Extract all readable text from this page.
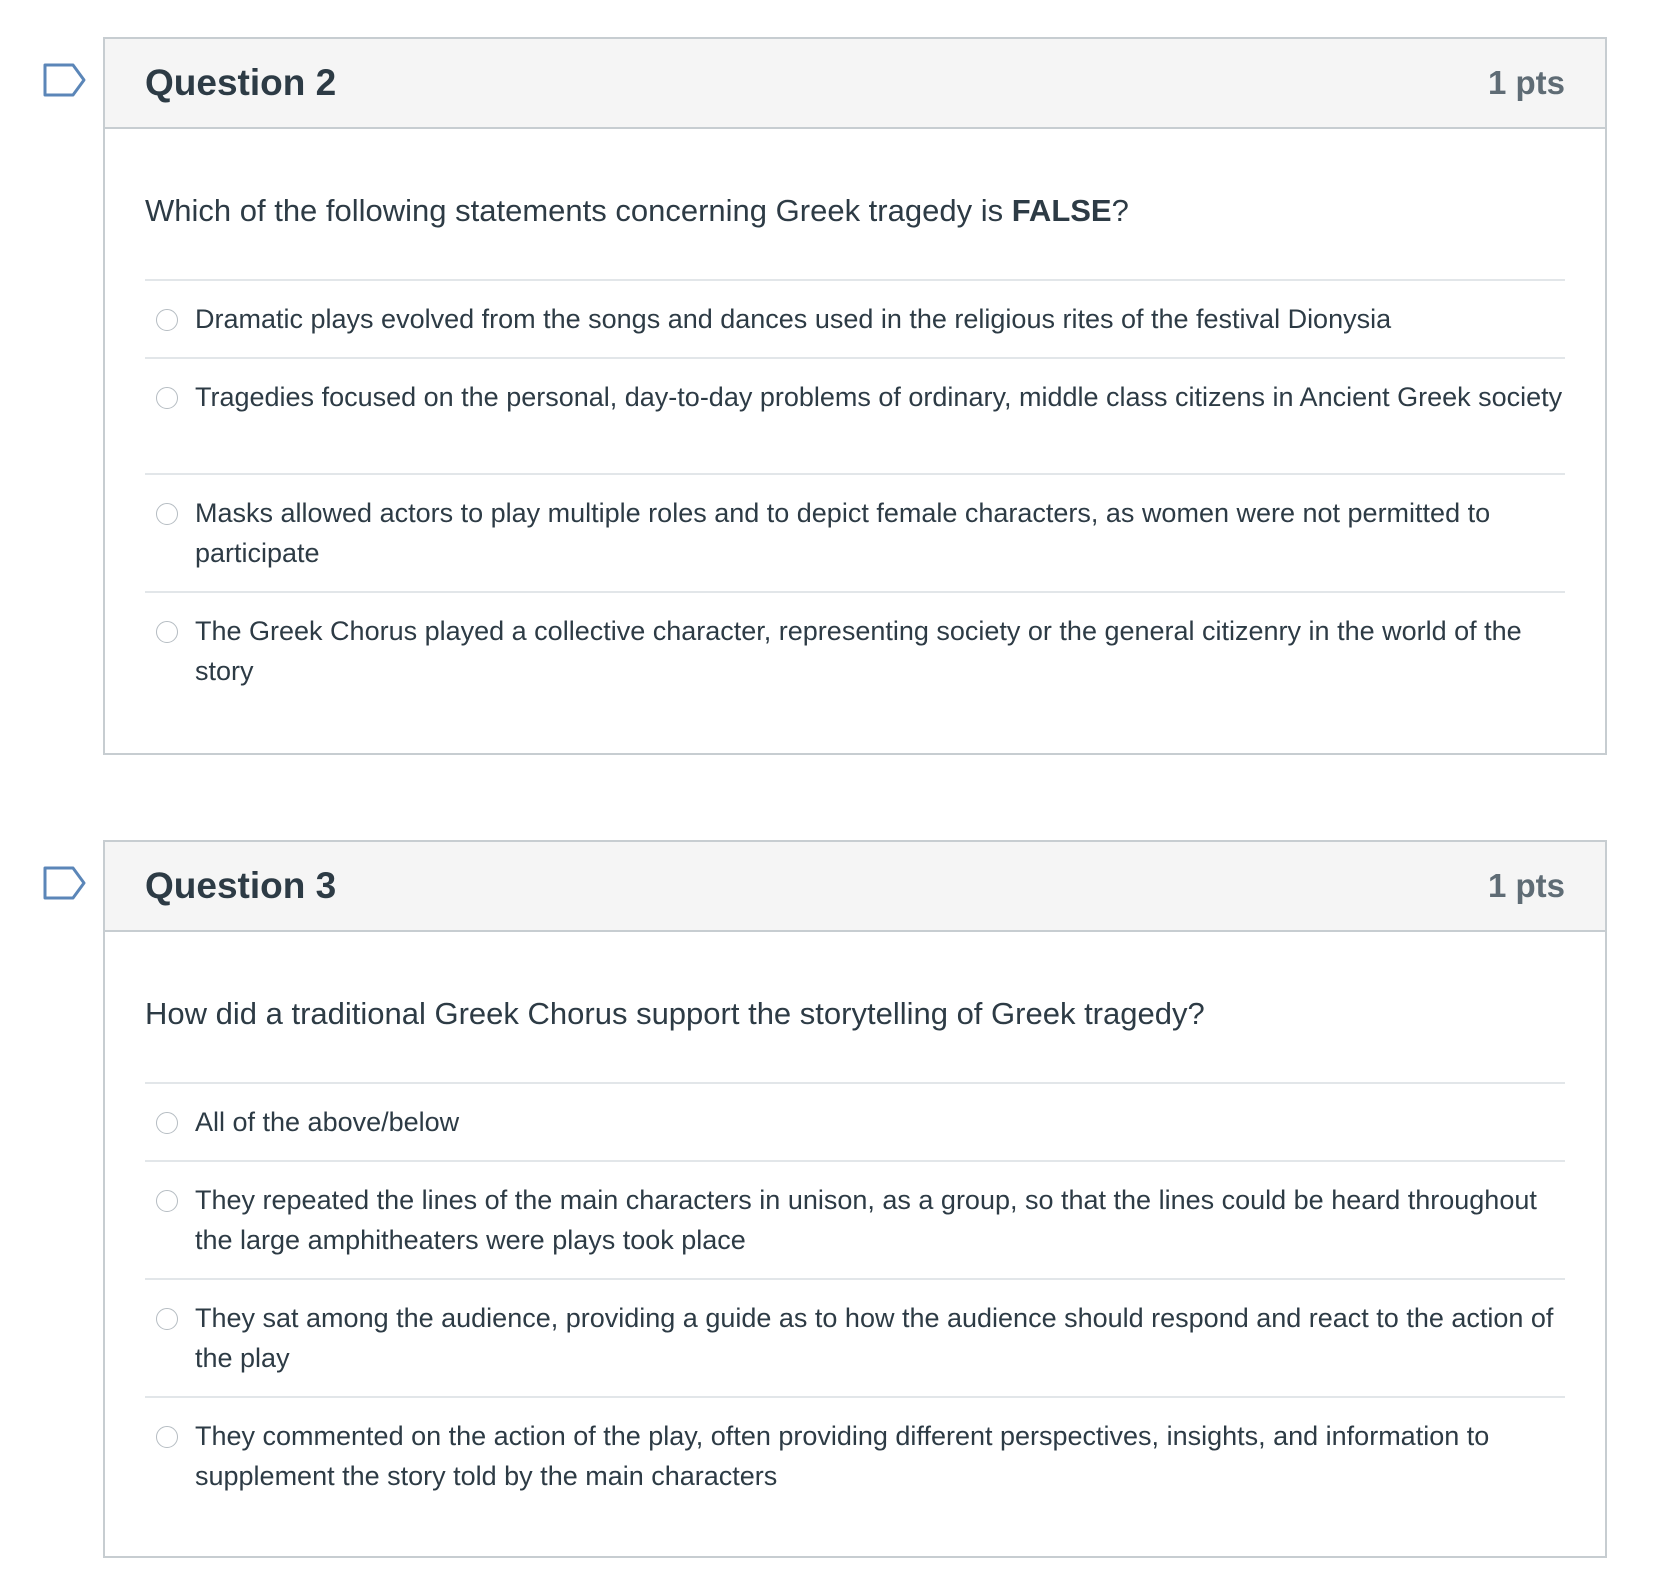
Question 2	1 pts
Which of the following statements concerning Greek tragedy is FALSE?
Dramatic plays evolved from the songs and dances used in the religious rites of the festival Dionysia
Tragedies focused on the personal, day-to-day problems of ordinary, middle class citizens in Ancient Greek society
Masks allowed actors to play multiple roles and to depict female characters, as women were not permitted to participate
The Greek Chorus played a collective character, representing society or the general citizenry in the world of the story
Question 3	1 pts
How did a traditional Greek Chorus support the storytelling of Greek tragedy?
All of the above/below
They repeated the lines of the main characters in unison, as a group, so that the lines could be heard throughout the large amphitheaters were plays took place
They sat among the audience, providing a guide as to how the audience should respond and react to the action of the play
They commented on the action of the play, often providing different perspectives, insights, and information to supplement the story told by the main characters
